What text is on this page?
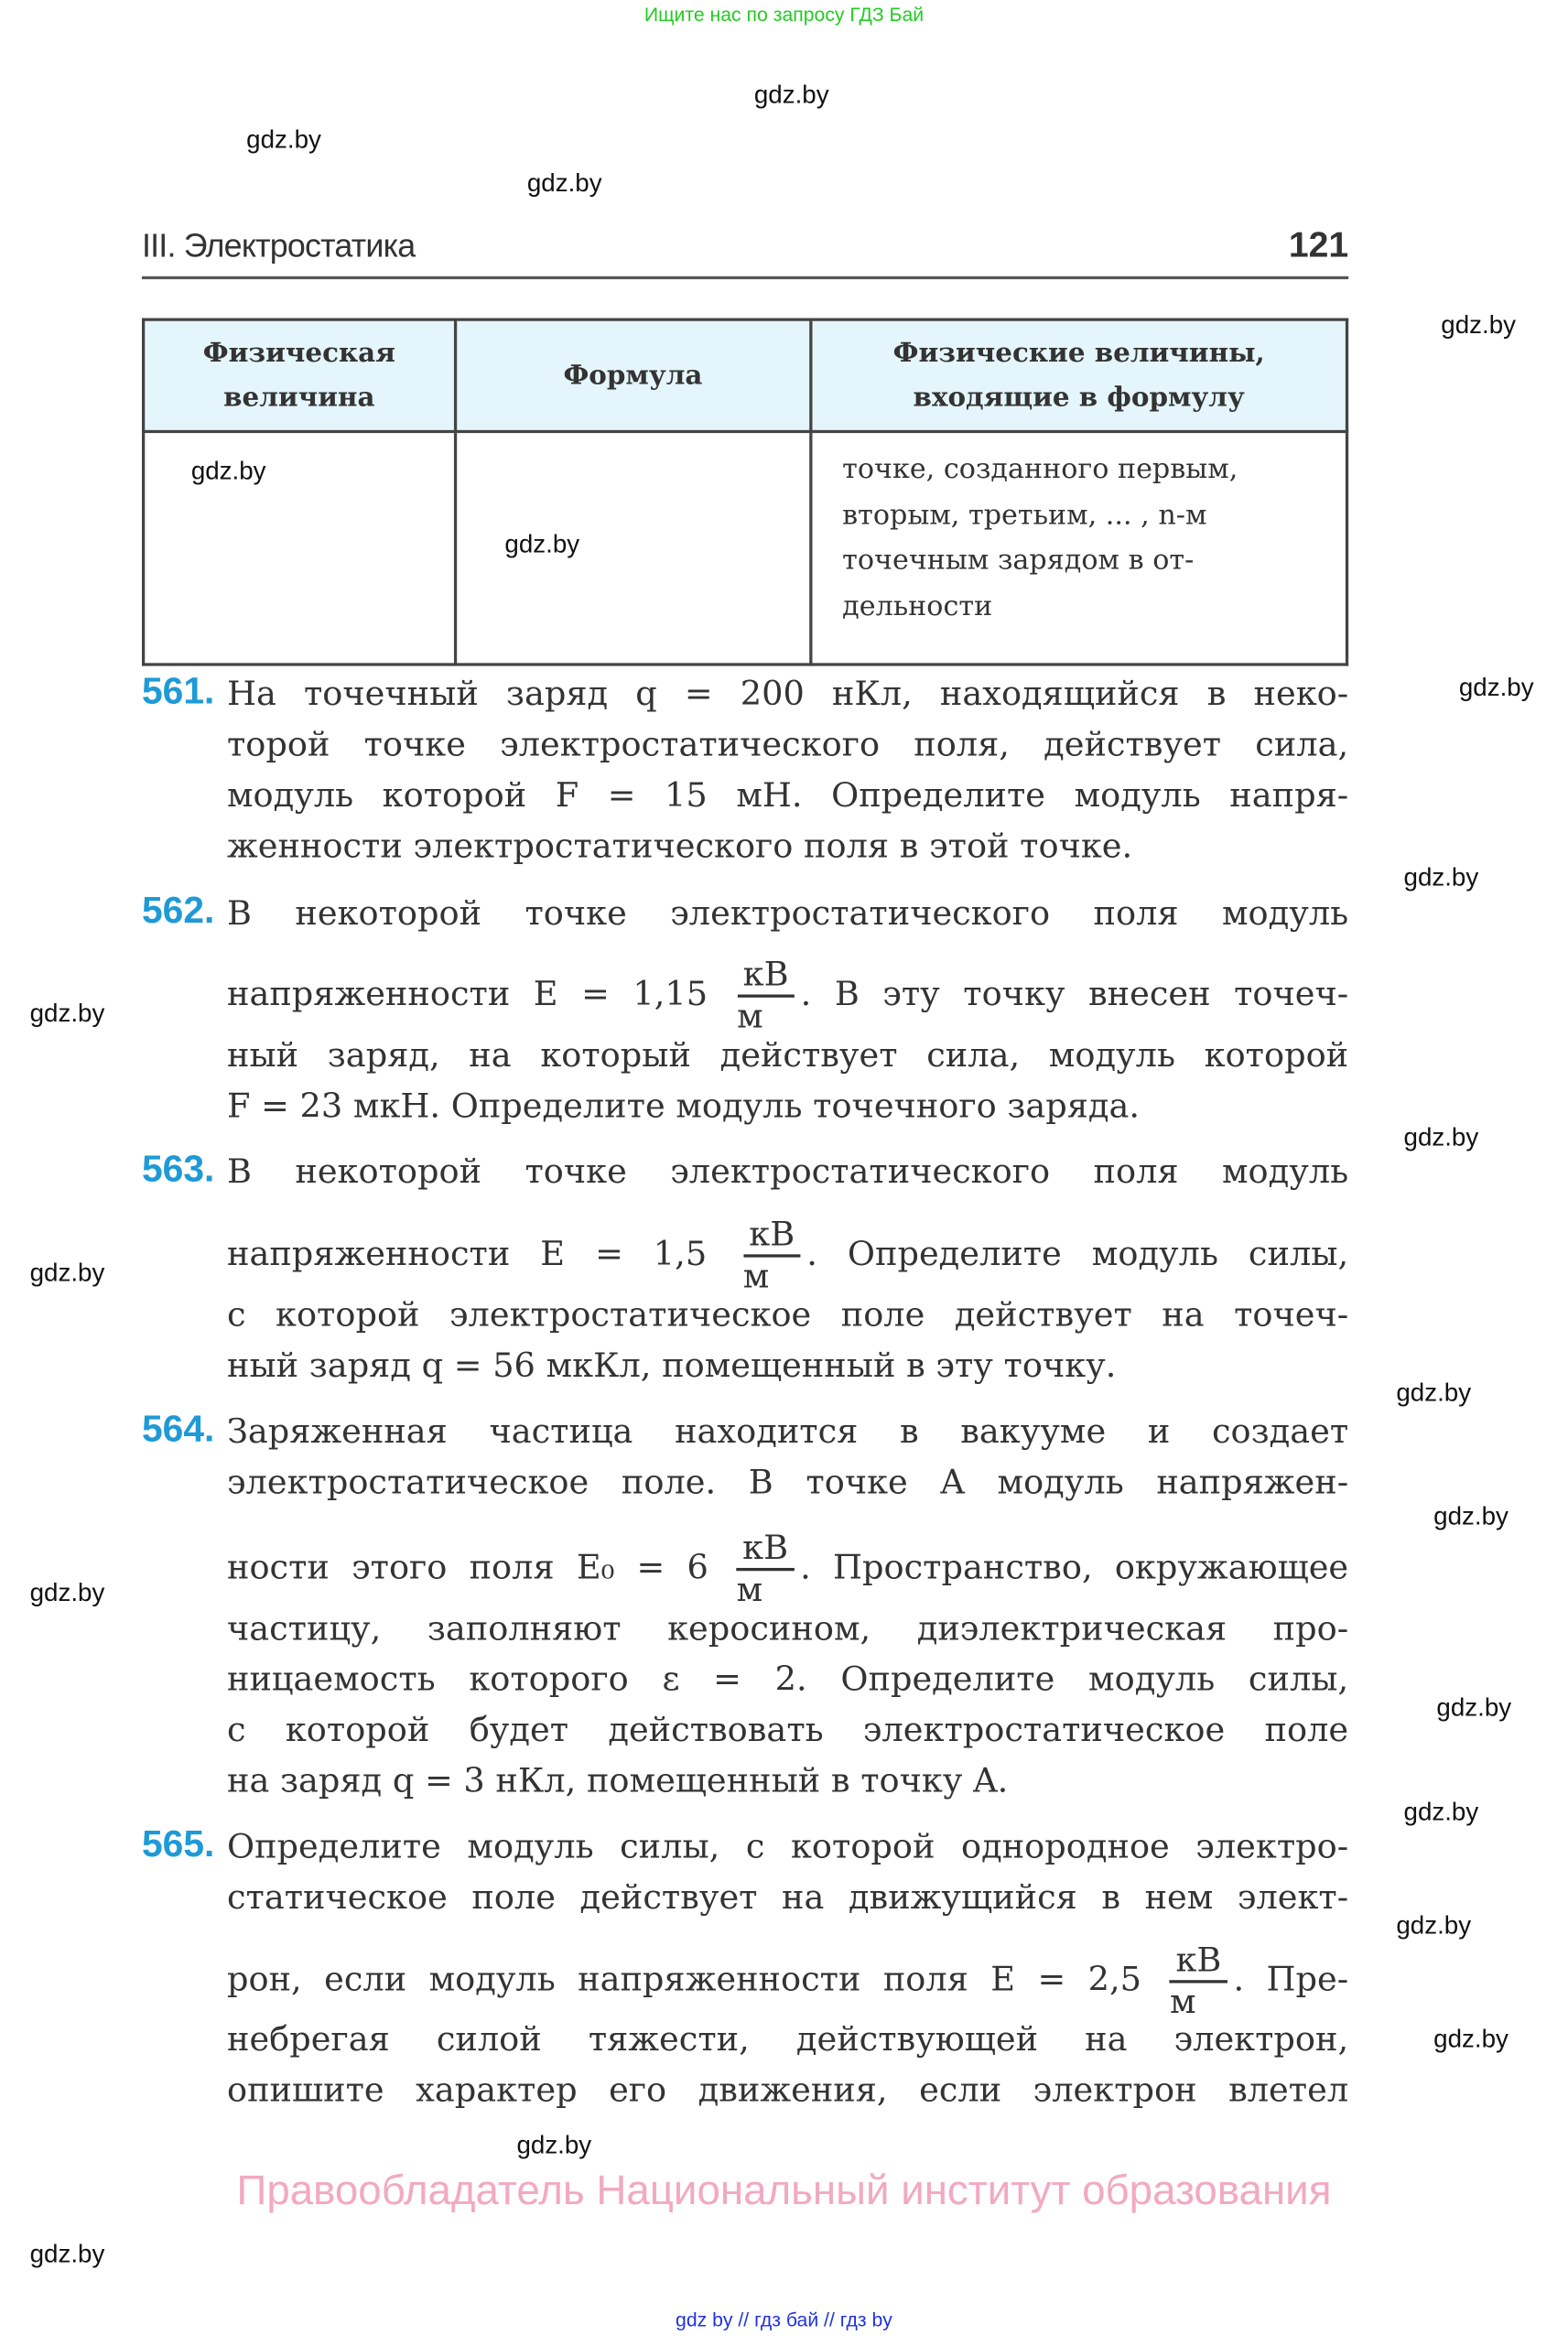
Ищите нас по запросу ГДЗ Бай
III. Электростатика	121
Физическая величина	Формула	Физические величины, входящие в формулу
		точке, созданного первым, вторым, третьим, ... , n-м точечным зарядом в от-дельности
561. На точечный заряд q = 200 нКл, находящийся в неко-
торой точке электростатического поля, действует сила,
модуль которой F = 15 мН. Определите модуль напря-
женности электростатического поля в этой точке.
562. В некоторой точке электростатического поля модуль
напряженности $E = 1,15 \frac{кВ}{м}$ . В эту точку внесен точеч-
ный заряд, на который действует сила, модуль которой
F = 23 мкН. Определите модуль точечного заряда.
563. В некоторой точке электростатического поля модуль
напряженности $E = 1,5 \frac{кВ}{м}$ . Определите модуль силы,
с которой электростатическое поле действует на точеч-
ный заряд q = 56 мкКл, помещенный в эту точку.
564. Заряженная частица находится в вакууме и создает
электростатическое поле. В точке A модуль напряжен-
ности этого поля $E_0 = 6 \frac{кВ}{м}$ . Пространство, окружающее
частицу, заполняют керосином, диэлектрическая про-
ницаемость которого ε = 2. Определите модуль силы,
с которой будет действовать электростатическое поле
на заряд q = 3 нКл, помещенный в точку A.
565. Определите модуль силы, с которой однородное электро-
статическое поле действует на движущийся в нем элект-
рон, если модуль напряженности поля $E = 2,5 \frac{кВ}{м}$ . Пре-
небрегая силой тяжести, действующей на электрон,
опишите характер его движения, если электрон влетел
gdz.by
gdz.by
gdz.by
gdz.by
gdz.by
gdz.by
gdz.by
gdz.by
gdz.by
gdz.by
gdz.by
gdz.by
gdz.by
gdz.by
gdz.by
gdz.by
gdz.by
gdz.by
gdz.by
gdz.by
Правообладатель Национальный институт образования
gdz by // гдз бай // гдз by
